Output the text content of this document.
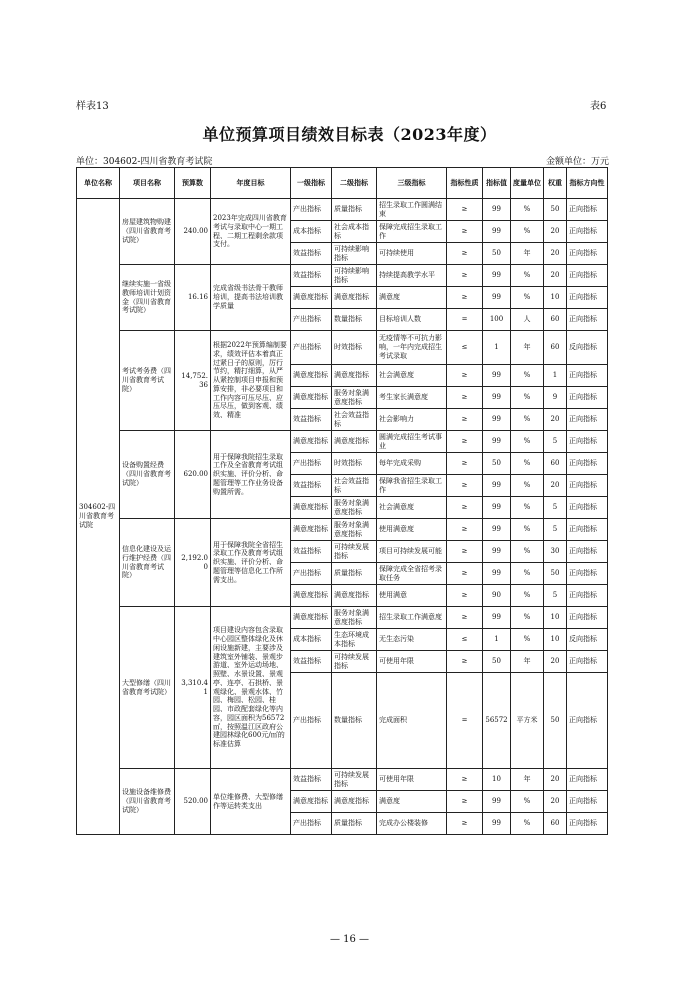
样表13	表6
单位预算项目绩效目标表（2023年度）
单位：304602-四川省教育考试院	金额单位：万元
单位名称	项目名称	预算数	年度目标	一级指标	二级指标	三级指标	指标性质	指标值	度量单位	权重	指标方向性
304602-四川省教育考试院	房屋建筑物购建（四川省教育考试院）	240.00	2023年完成四川省教育考试与录取中心一期工程、二期工程剩余款项支付。	产出指标	质量指标	招生录取工作圆满结束	≥	99	%	50	正向指标
				成本指标	社会成本指标	保障完成招生录取工作	≥	99	%	20	正向指标
				效益指标	可持续影响指标	可持续使用	≥	50	年	20	正向指标
	继续实施一省级教师培训计划资金（四川省教育考试院）	16.16	完成省级书法骨干教师培训，提高书法培训教学质量	效益指标	可持续影响指标	持续提高教学水平	≥	99	%	20	正向指标
				满意度指标	满意度指标	满意度	≥	99	%	10	正向指标
				产出指标	数量指标	目标培训人数	=	100	人	60	正向指标
	考试考务费（四川省教育考试院）	14,752.36	根据2022年预算编制要求，绩效评估本着真正过紧日子的原则，厉行节约，精打细算，从严从紧控制项目申报和预算安排，非必要项目和工作内容可压尽压、应压尽压，做到客观、绩效、精准	产出指标	时效指标	无疫情等不可抗力影响，一年内完成招生考试录取	≤	1	年	60	反向指标
				满意度指标	满意度指标	社会满意度	≥	99	%	1	正向指标
				满意度指标	服务对象满意度指标	考生家长满意度	≥	99	%	9	正向指标
				效益指标	社会效益指标	社会影响力	≥	99	%	20	正向指标
	设备购置经费（四川省教育考试院）	620.00	用于保障我院招生录取工作及全省教育考试组织实施、评价分析、命题管理等工作业务设备购置所需。	满意度指标	满意度指标	圆满完成招生考试事业	≥	99	%	5	正向指标
				产出指标	时效指标	每年完成采购	≥	50	%	60	正向指标
				效益指标	社会效益指标	保障我省招生录取工作	≥	99	%	20	正向指标
				满意度指标	服务对象满意度指标	社会满意度	≥	99	%	5	正向指标
	信息化建设及运行维护经费（四川省教育考试院）	2,192.00	用于保障我院全省招生录取工作及教育考试组织实施、评价分析、命题管理等信息化工作所需支出。	满意度指标	服务对象满意度指标	使用满意度	≥	99	%	5	正向指标
				效益指标	可持续发展指标	项目可持续发展可能	≥	99	%	30	正向指标
				产出指标	质量指标	保障完成全省招考录取任务	≥	99	%	50	正向指标
				满意度指标	满意度指标	使用满意	≥	90	%	5	正向指标
	大型修缮（四川省教育考试院）	3,310.41	项目建设内容包含录取中心园区整体绿化及休闲设施新建，主要涉及建筑室外铺装、景观步游道、室外运动场地、照壁、水景设置、景观亭、连亭、石拱桥、景观绿化、景观水体、竹园、梅园、松园、桂园、市政配套绿化等内容，园区面积为56572㎡，按照温江区政府公建园林绿化600元/㎡的标准估算	满意度指标	服务对象满意度指标	招生录取工作满意度	≥	99	%	10	正向指标
				成本指标	生态环境成本指标	无生态污染	≤	1	%	10	反向指标
				效益指标	可持续发展指标	可使用年限	≥	50	年	20	正向指标
				产出指标	数量指标	完成面积	=	56572	平方米	50	正向指标
	设施设备维修费（四川省教育考试院）	520.00	单位维修费、大型修缮作等运转类支出	效益指标	可持续发展指标	可使用年限	≥	10	年	20	正向指标
				满意度指标	满意度指标	满意度	≥	99	%	20	正向指标
				产出指标	质量指标	完成办公楼装修	≥	99	%	60	正向指标
— 16 —
